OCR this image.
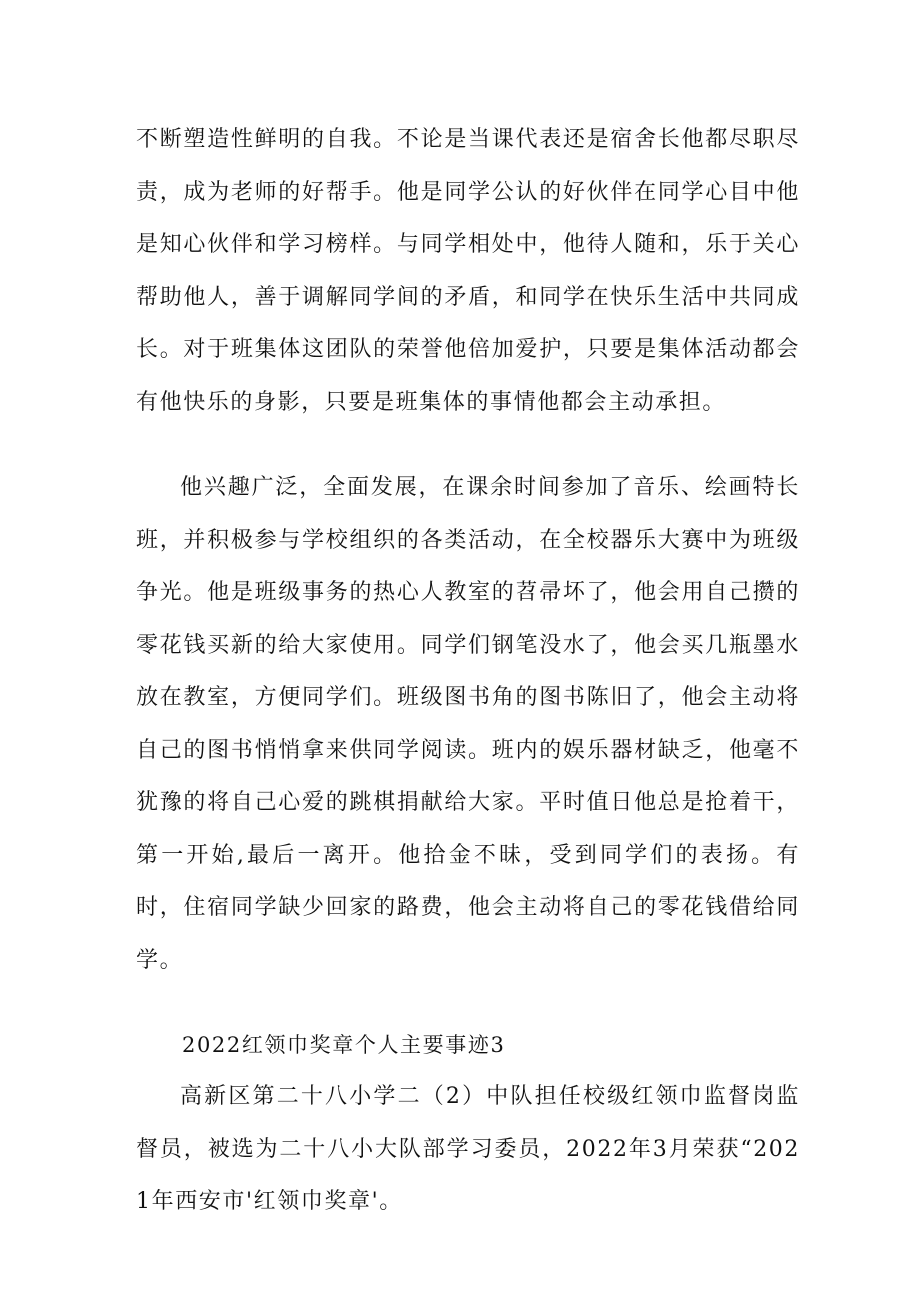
不断塑造性鲜明的自我。不论是当课代表还是宿舍长他都尽职尽责，成为老师的好帮手。他是同学公认的好伙伴在同学心目中他是知心伙伴和学习榜样。与同学相处中，他待人随和，乐于关心帮助他人，善于调解同学间的矛盾，和同学在快乐生活中共同成长。对于班集体这团队的荣誉他倍加爱护，只要是集体活动都会有他快乐的身影，只要是班集体的事情他都会主动承担。

他兴趣广泛，全面发展，在课余时间参加了音乐、绘画特长班，并积极参与学校组织的各类活动，在全校器乐大赛中为班级争光。他是班级事务的热心人教室的苕帚坏了，他会用自己攒的零花钱买新的给大家使用。同学们钢笔没水了，他会买几瓶墨水放在教室，方便同学们。班级图书角的图书陈旧了，他会主动将自己的图书悄悄拿来供同学阅读。班内的娱乐器材缺乏，他毫不犹豫的将自己心爱的跳棋捐献给大家。平时值日他总是抢着干，第一开始,最后一离开。他拾金不昧，受到同学们的表扬。有时，住宿同学缺少回家的路费，他会主动将自己的零花钱借给同学。

2022红领巾奖章个人主要事迹3

高新区第二十八小学二（2）中队担任校级红领巾监督岗监督员，被选为二十八小大队部学习委员，2022年3月荣获“2021年西安市'红领巾奖章'。
